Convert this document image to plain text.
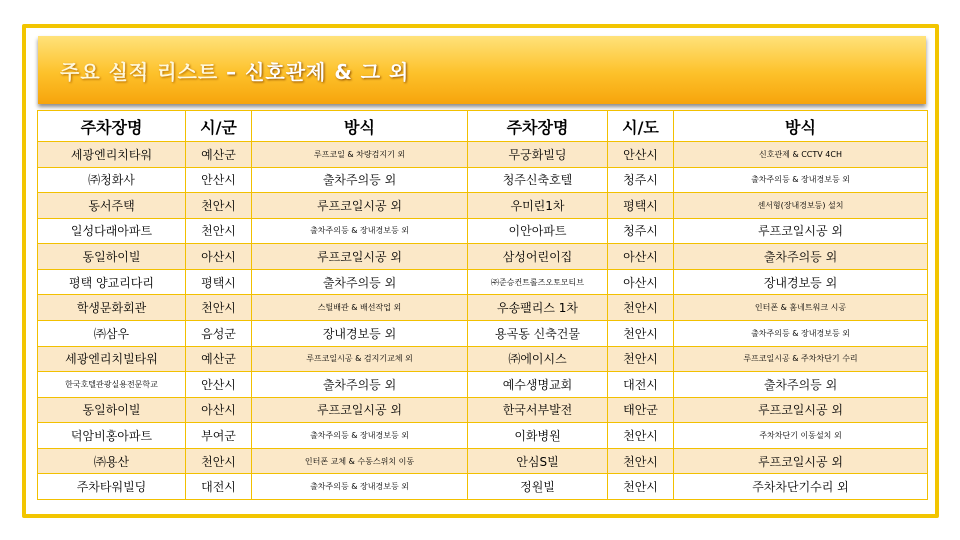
주요 실적 리스트 – 신호관제 & 그 외
주차장명	시/군	방식	주차장명	시/도	방식
세광엔리치타워	예산군	루프코일 & 차량검지기 외	무궁화빌딩	안산시	신호관제 & CCTV 4CH
㈜청화사	안산시	출차주의등 외	청주신축호텔	청주시	출차주의등 & 장내경보등 외
동서주택	천안시	루프코일시공 외	우미린1차	평택시	센서형(장내경보등) 설치
일성다래아파트	천안시	출차주의등 & 장내경보등 외	이안아파트	청주시	루프코일시공 외
동일하이빌	아산시	루프코일시공 외	삼성어린이집	아산시	출차주의등 외
평택 양교리다리	평택시	출차주의등 외	㈜준승컨트롤즈오토모티브	아산시	장내경보등 외
학생문화회관	천안시	스틸배관 & 배선작업 외	우송팰리스 1차	천안시	인터폰 & 홈네트워크 시공
㈜삼우	음성군	장내경보등 외	용곡동 신축건물	천안시	출차주의등 & 장내경보등 외
세광엔리치빌타워	예산군	루프코일시공 & 검지기교체 외	㈜에이시스	천안시	루프코일시공 & 주차차단기 수리
한국호텔관광실용전문학교	안산시	출차주의등 외	예수생명교회	대전시	출차주의등 외
동일하이빌	아산시	루프코일시공 외	한국서부발전	태안군	루프코일시공 외
덕암비홍아파트	부여군	출차주의등 & 장내경보등 외	이화병원	천안시	주차차단기 이동설치 외
㈜용산	천안시	인터폰 교체 & 수동스위치 이동	안심S빌	천안시	루프코일시공 외
주차타워빌딩	대전시	출차주의등 & 장내경보등 외	정원빌	천안시	주차차단기수리 외
